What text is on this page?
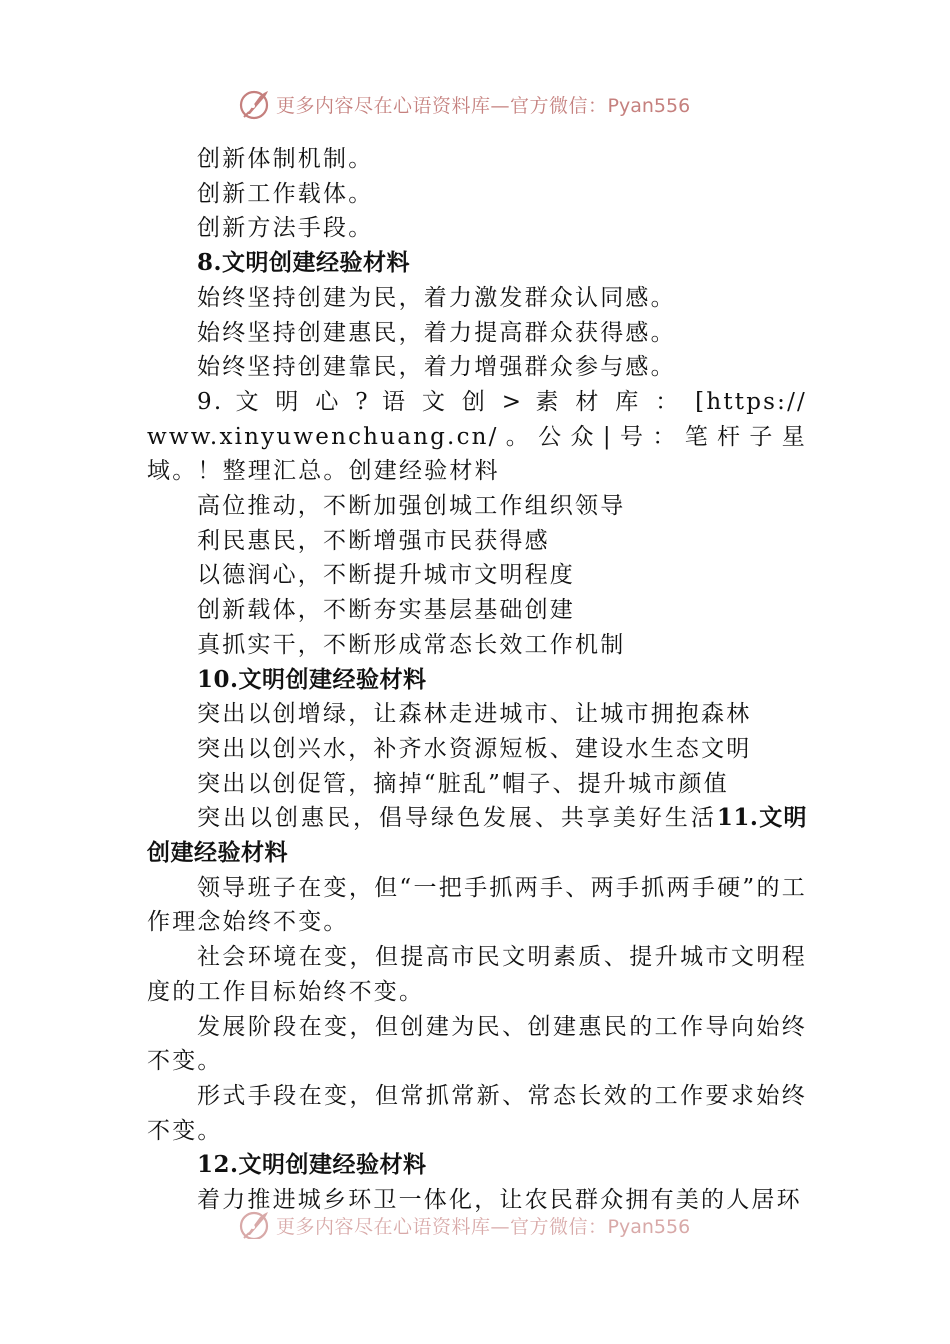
更多内容尽在心语资料库—官方微信：Pyan556

创新体制机制。

创新工作载体。

创新方法手段。

8.文明创建经验材料

始终坚持创建为民，着力激发群众认同感。

始终坚持创建惠民，着力提高群众获得感。

始终坚持创建靠民，着力增强群众参与感。

9. 文 明 心 ? 语 文 创 > 素 材 库 ： [https://

www.xinyuwenchuang.cn/。公众|号：笔杆子星域。！整理汇总。创建经验材料

高位推动，不断加强创城工作组织领导

利民惠民，不断增强市民获得感

以德润心，不断提升城市文明程度

创新载体，不断夯实基层基础创建

真抓实干，不断形成常态长效工作机制

10.文明创建经验材料

突出以创增绿，让森林走进城市、让城市拥抱森林

突出以创兴水，补齐水资源短板、建设水生态文明

突出以创促管，摘掉“脏乱”帽子、提升城市颜值

突出以创惠民，倡导绿色发展、共享美好生活11.文明创建经验材料

领导班子在变，但“一把手抓两手、两手抓两手硬”的工作理念始终不变。

社会环境在变，但提高市民文明素质、提升城市文明程度的工作目标始终不变。

发展阶段在变，但创建为民、创建惠民的工作导向始终不变。

形式手段在变，但常抓常新、常态长效的工作要求始终不变。

12.文明创建经验材料

着力推进城乡环卫一体化，让农民群众拥有美的人居环

更多内容尽在心语资料库—官方微信：Pyan556
